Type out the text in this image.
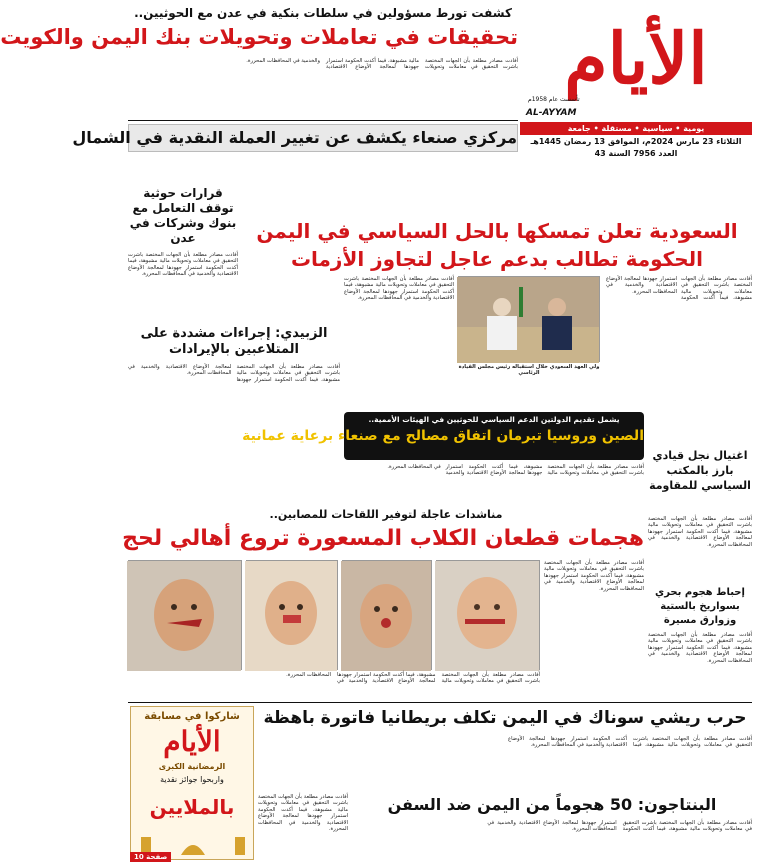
الأيام
AL-AYYAM
تأسست عام 1958م
يومية • سياسية • مستقلة • جامعة
الثلاثاء 23 مارس 2024م، الموافق 13 رمضان 1445هـ
العدد 7956 السنة 43
كشفت تورط مسؤولين في سلطات بنكية في عدن مع الحوثيين..
تحقيقات في تعاملات وتحويلات بنك اليمن والكويت
أفادت مصادر مطلعة بأن الجهات المختصة باشرت التحقيق في معاملات وتحويلات مالية مشبوهة، فيما أكدت الحكومة استمرار جهودها لمعالجة الأوضاع الاقتصادية والخدمية في المحافظات المحررة.
مركزي صنعاء يكشف عن تغيير العملة النقدية في الشمال
قرارات حوثية توقف التعامل مع بنوك وشركات في عدن
أفادت مصادر مطلعة بأن الجهات المختصة باشرت التحقيق في معاملات وتحويلات مالية مشبوهة، فيما أكدت الحكومة استمرار جهودها لمعالجة الأوضاع الاقتصادية والخدمية في المحافظات المحررة.
السعودية تعلن تمسكها بالحل السياسي في اليمن
الحكومة تطالب بدعم عاجل لتجاوز الأزمات
ولي العهد السعودي خلال استقباله رئيس مجلس القيادة الرئاسي
أفادت مصادر مطلعة بأن الجهات المختصة باشرت التحقيق في معاملات وتحويلات مالية مشبوهة، فيما أكدت الحكومة استمرار جهودها لمعالجة الأوضاع الاقتصادية والخدمية في المحافظات المحررة.
أفادت مصادر مطلعة بأن الجهات المختصة باشرت التحقيق في معاملات وتحويلات مالية مشبوهة، فيما أكدت الحكومة استمرار جهودها لمعالجة الأوضاع الاقتصادية والخدمية في المحافظات المحررة.
الزبيدي: إجراءات مشددة على المتلاعبين بالإيرادات
أفادت مصادر مطلعة بأن الجهات المختصة باشرت التحقيق في معاملات وتحويلات مالية مشبوهة، فيما أكدت الحكومة استمرار جهودها لمعالجة الأوضاع الاقتصادية والخدمية في المحافظات المحررة.
يشمل تقديم الدولتين الدعم السياسي للحوثيين في الهيئات الأممية..
الصين وروسيا تبرمان اتفاق مصالح مع صنعاء برعاية عمانية
أفادت مصادر مطلعة بأن الجهات المختصة باشرت التحقيق في معاملات وتحويلات مالية مشبوهة، فيما أكدت الحكومة استمرار جهودها لمعالجة الأوضاع الاقتصادية والخدمية في المحافظات المحررة.
اغتيال نجل قيادي بارز بالمكتب السياسي للمقاومة
أفادت مصادر مطلعة بأن الجهات المختصة باشرت التحقيق في معاملات وتحويلات مالية مشبوهة، فيما أكدت الحكومة استمرار جهودها لمعالجة الأوضاع الاقتصادية والخدمية في المحافظات المحررة.
إحباط هجوم بحري بسواريخ بالستية وزوارق مسيرة
أفادت مصادر مطلعة بأن الجهات المختصة باشرت التحقيق في معاملات وتحويلات مالية مشبوهة، فيما أكدت الحكومة استمرار جهودها لمعالجة الأوضاع الاقتصادية والخدمية في المحافظات المحررة.
مناشدات عاجلة لتوفير اللقاحات للمصابين..
هجمات قطعان الكلاب المسعورة تروع أهالي لحج
أفادت مصادر مطلعة بأن الجهات المختصة باشرت التحقيق في معاملات وتحويلات مالية مشبوهة، فيما أكدت الحكومة استمرار جهودها لمعالجة الأوضاع الاقتصادية والخدمية في المحافظات المحررة.
أفادت مصادر مطلعة بأن الجهات المختصة باشرت التحقيق في معاملات وتحويلات مالية مشبوهة، فيما أكدت الحكومة استمرار جهودها لمعالجة الأوضاع الاقتصادية والخدمية في المحافظات المحررة.
حرب ريشي سوناك في اليمن تكلف بريطانيا فاتورة باهظة
أفادت مصادر مطلعة بأن الجهات المختصة باشرت التحقيق في معاملات وتحويلات مالية مشبوهة، فيما أكدت الحكومة استمرار جهودها لمعالجة الأوضاع الاقتصادية والخدمية في المحافظات المحررة.
البنتاجون: 50 هجوماً من اليمن ضد السفن
أفادت مصادر مطلعة بأن الجهات المختصة باشرت التحقيق في معاملات وتحويلات مالية مشبوهة، فيما أكدت الحكومة استمرار جهودها لمعالجة الأوضاع الاقتصادية والخدمية في المحافظات المحررة.
أفادت مصادر مطلعة بأن الجهات المختصة باشرت التحقيق في معاملات وتحويلات مالية مشبوهة، فيما أكدت الحكومة استمرار جهودها لمعالجة الأوضاع الاقتصادية والخدمية في المحافظات المحررة.
شاركوا في مسابقة
الأيام
الرمضانية الكبرى
واربحوا جوائز نقدية
بالملايين
صفحة 10
